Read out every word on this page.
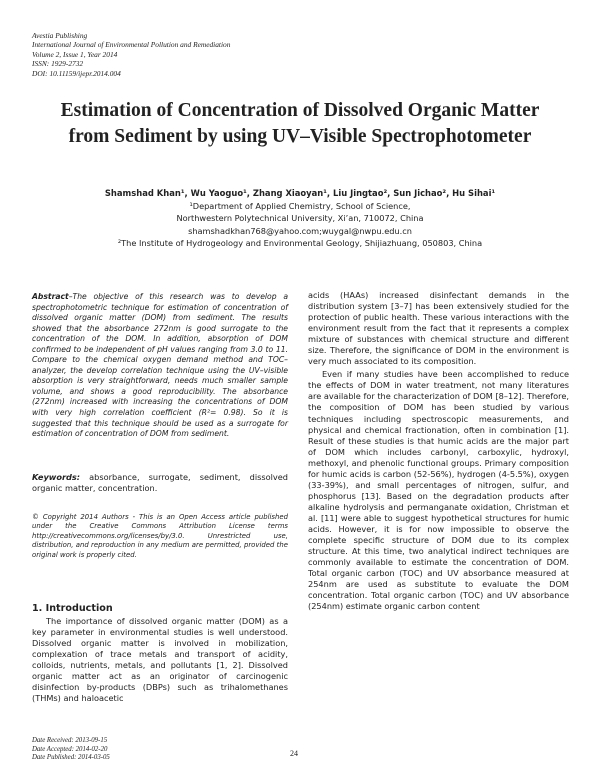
Avestia Publishing
International Journal of Environmental Pollution and Remediation
Volume 2, Issue 1, Year 2014
ISSN: 1929-2732
DOI: 10.11159/ijepr.2014.004
Estimation of Concentration of Dissolved Organic Matter from Sediment by using UV–Visible Spectrophotometer
Shamshad Khan¹, Wu Yaoguo¹, Zhang Xiaoyan¹, Liu Jingtao², Sun Jichao², Hu Sihai¹
¹Department of Applied Chemistry, School of Science,
Northwestern Polytechnical University, Xi’an, 710072, China
shamshadkhan768@yahoo.com;wuygal@nwpu.edu.cn
²The Institute of Hydrogeology and Environmental Geology, Shijiazhuang, 050803, China

Abstract–The objective of this research was to develop a spectrophotometric technique for estimation of concentration of dissolved organic matter (DOM) from sediment. The results showed that the absorbance 272nm is good surrogate to the concentration of the DOM. In addition, absorption of DOM confirmed to be independent of pH values ranging from 3.0 to 11. Compare to the chemical oxygen demand method and TOC–analyzer, the develop correlation technique using the UV–visible absorption is very straightforward, needs much smaller sample volume, and shows a good reproducibility. The absorbance (272nm) increased with increasing the concentrations of DOM with very high correlation coefficient (R²= 0.98). So it is suggested that this technique should be used as a surrogate for estimation of concentration of DOM from sediment.

Keywords: absorbance, surrogate, sediment, dissolved organic matter, concentration.

© Copyright 2014 Authors - This is an Open Access article published under the Creative Commons Attribution License terms http://creativecommons.org/licenses/by/3.0. Unrestricted use, distribution, and reproduction in any medium are permitted, provided the original work is properly cited.

1. Introduction

The importance of dissolved organic matter (DOM) as a key parameter in environmental studies is well understood. Dissolved organic matter is involved in mobilization, complexation of trace metals and transport of acidity, colloids, nutrients, metals, and pollutants [1, 2]. Dissolved organic matter act as an originator of carcinogenic disinfection by-products (DBPs) such as trihalomethanes (THMs) and haloacetic

acids (HAAs) increased disinfectant demands in the distribution system [3–7] has been extensively studied for the protection of public health. These various interactions with the environment result from the fact that it represents a complex mixture of substances with chemical structure and different size. Therefore, the significance of DOM in the environment is very much associated to its composition.

Even if many studies have been accomplished to reduce the effects of DOM in water treatment, not many literatures are available for the characterization of DOM [8–12]. Therefore, the composition of DOM has been studied by various techniques including spectroscopic measurements, and physical and chemical fractionation, often in combination [1]. Result of these studies is that humic acids are the major part of DOM which includes carbonyl, carboxylic, hydroxyl, methoxyl, and phenolic functional groups. Primary composition for humic acids is carbon (52-56%), hydrogen (4-5.5%), oxygen (33-39%), and small percentages of nitrogen, sulfur, and phosphorus [13]. Based on the degradation products after alkaline hydrolysis and permanganate oxidation, Christman et al. [11] were able to suggest hypothetical structures for humic acids. However, it is for now impossible to observe the complete specific structure of DOM due to its complex structure. At this time, two analytical indirect techniques are commonly available to estimate the concentration of DOM. Total organic carbon (TOC) and UV absorbance measured at 254nm are used as substitute to evaluate the DOM concentration. Total organic carbon (TOC) and UV absorbance (254nm) estimate organic carbon content

Date Received: 2013-09-15
Date Accepted: 2014-02-20
Date Published: 2014-03-05	24
